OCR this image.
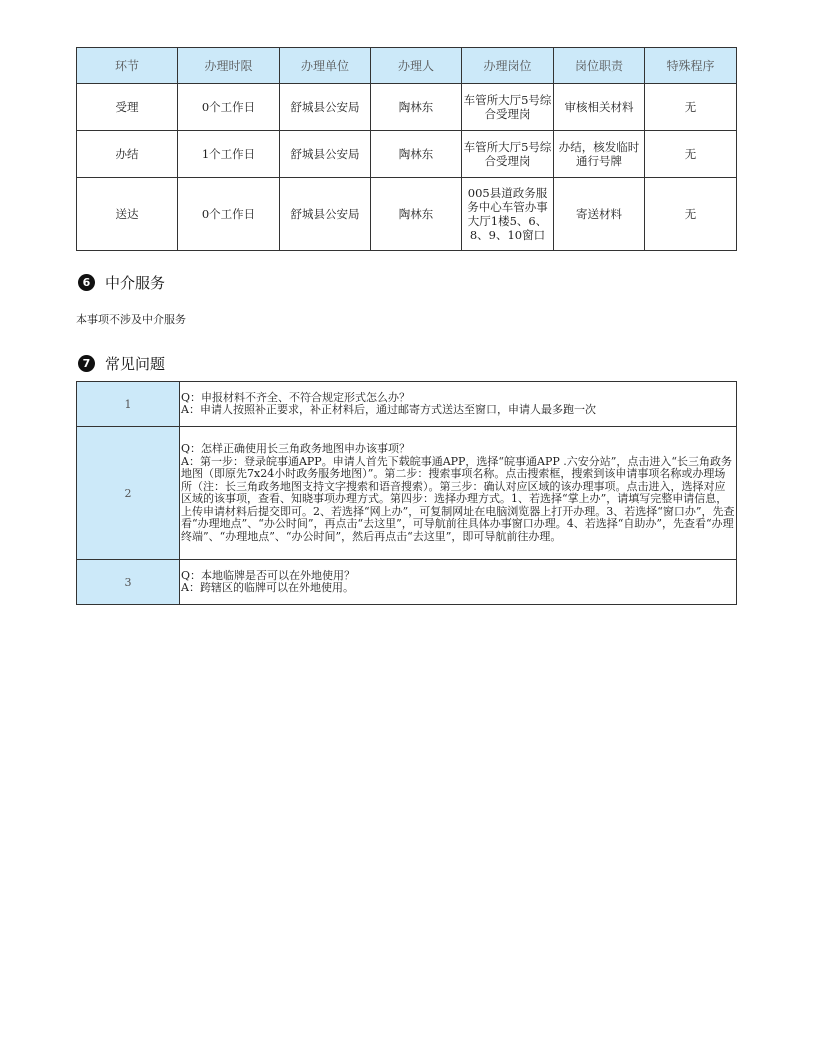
环节	办理时限	办理单位	办理人	办理岗位	岗位职责	特殊程序
受理	0个工作日	舒城县公安局	陶林东	车管所大厅5号综合受理岗	审核相关材料	无
办结	1个工作日	舒城县公安局	陶林东	车管所大厅5号综合受理岗	办结，核发临时通行号牌	无
送达	0个工作日	舒城县公安局	陶林东	005县道政务服务中心车管办事大厅1楼5、6、8、9、10窗口	寄送材料	无
6 中介服务
本事项不涉及中介服务
7 常见问题
1	Q：申报材料不齐全、不符合规定形式怎么办？
A：申请人按照补正要求，补正材料后，通过邮寄方式送达至窗口，申请人最多跑一次

2	Q：怎样正确使用长三角政务地图申办该事项？
A：第一步：登录皖事通APP。申请人首先下载皖事通APP，选择“皖事通APP .六安分站”，点击进入“长三角政务地图（即原先7x24小时政务服务地图）”。第二步：搜索事项名称。点击搜索框，搜索到该申请事项名称或办理场所（注：长三角政务地图支持文字搜索和语音搜索）。第三步：确认对应区域的该办理事项。点击进入，选择对应区域的该事项，查看、知晓事项办理方式。第四步：选择办理方式。1、若选择“掌上办”，请填写完整申请信息，上传申请材料后提交即可。2、若选择“网上办”，可复制网址在电脑浏览器上打开办理。3、若选择“窗口办”，先查看“办理地点”、“办公时间”，再点击“去这里”，可导航前往具体办事窗口办理。4、若选择“自助办”，先查看“办理终端”、“办理地点”、“办公时间”，然后再点击“去这里”，即可导航前往办理。

3	Q：本地临牌是否可以在外地使用？
A：跨辖区的临牌可以在外地使用。
